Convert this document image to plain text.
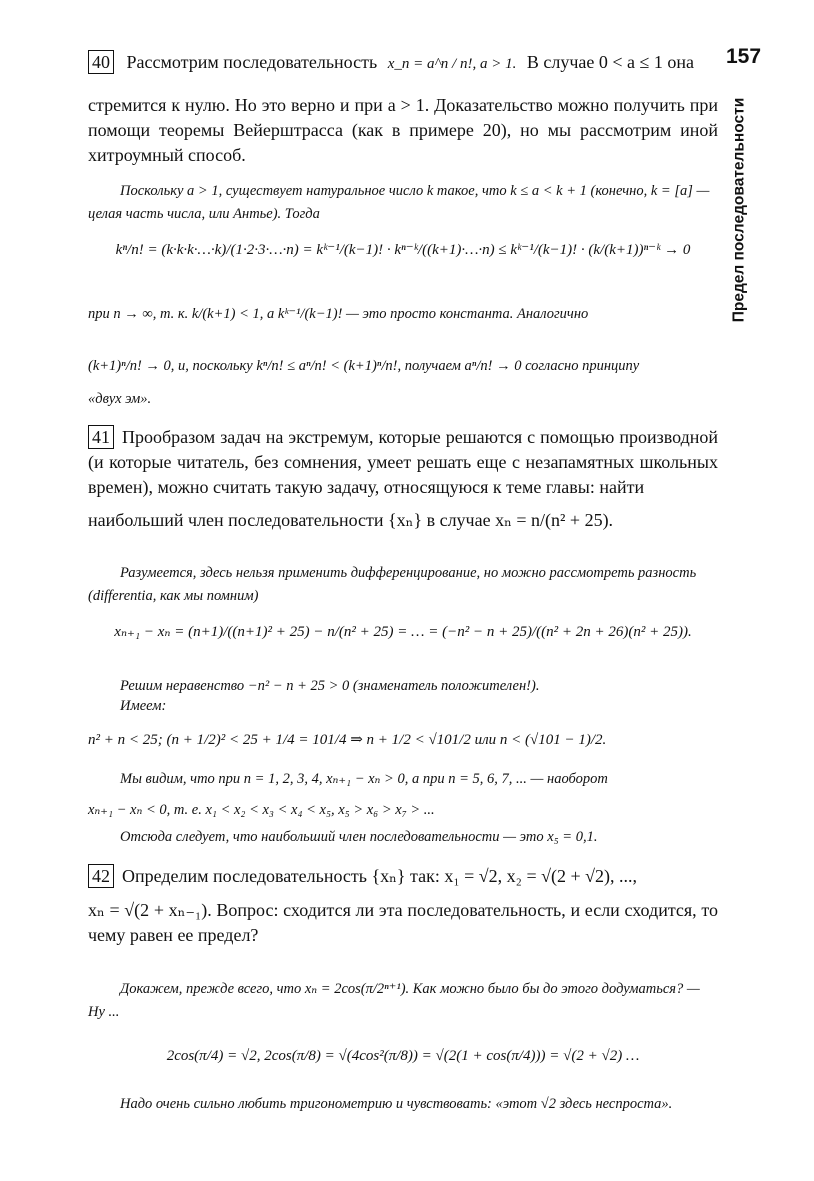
157
Предел последовательности
40 Рассмотрим последовательность x_n = a^n / n!, a > 1. В случае 0 < a ≤ 1 она
стремится к нулю. Но это верно и при a > 1. Доказательство можно получить при помощи теоремы Вейерштрасса (как в примере 20), но мы рассмотрим иной хитроумный способ.
Поскольку a > 1, существует натуральное число k такое, что k ≤ a < k + 1 (конечно, k = [a] — целая часть числа, или Антье). Тогда
kⁿ/n! = (k·k·k·…·k)/(1·2·3·…·n) = kᵏ⁻¹/(k−1)! · kⁿ⁻ᵏ/((k+1)·…·n) ≤ kᵏ⁻¹/(k−1)! · (k/(k+1))ⁿ⁻ᵏ → 0
при n → ∞, т. к. k/(k+1) < 1, а kᵏ⁻¹/(k−1)! — это просто константа. Аналогично
(k+1)ⁿ/n! → 0, и, поскольку kⁿ/n! ≤ aⁿ/n! < (k+1)ⁿ/n!, получаем aⁿ/n! → 0 согласно принципу
«двух эм».
41 Прообразом задач на экстремум, которые решаются с помощью производной (и которые читатель, без сомнения, умеет решать еще с незапамятных школьных времен), можно считать такую задачу, относящуюся к теме главы: найти
наибольший член последовательности {xₙ} в случае xₙ = n/(n² + 25).
Разумеется, здесь нельзя применить дифференцирование, но можно рассмотреть разность (differentia, как мы помним)
xₙ₊₁ − xₙ = (n+1)/((n+1)² + 25) − n/(n² + 25) = … = (−n² − n + 25)/((n² + 2n + 26)(n² + 25)).
Решим неравенство −n² − n + 25 > 0 (знаменатель положителен!).
Имеем:
n² + n < 25; (n + 1/2)² < 25 + 1/4 = 101/4 ⇒ n + 1/2 < √101/2 или n < (√101 − 1)/2.
Мы видим, что при n = 1, 2, 3, 4, xₙ₊₁ − xₙ > 0, а при n = 5, 6, 7, ... — наоборот
xₙ₊₁ − xₙ < 0, т. е. x₁ < x₂ < x₃ < x₄ < x₅, x₅ > x₆ > x₇ > ...
Отсюда следует, что наибольший член последовательности — это x₅ = 0,1.
42 Определим последовательность {xₙ} так: x₁ = √2, x₂ = √(2 + √2), ...,
xₙ = √(2 + xₙ₋₁). Вопрос: сходится ли эта последовательность, и если сходится, то чему равен ее предел?
Докажем, прежде всего, что xₙ = 2cos(π/2ⁿ⁺¹). Как можно было бы до этого додуматься? — Ну ...
2cos(π/4) = √2, 2cos(π/8) = √(4cos²(π/8)) = √(2(1 + cos(π/4))) = √(2 + √2) …
Надо очень сильно любить тригонометрию и чувствовать: «этот √2 здесь неспроста».
